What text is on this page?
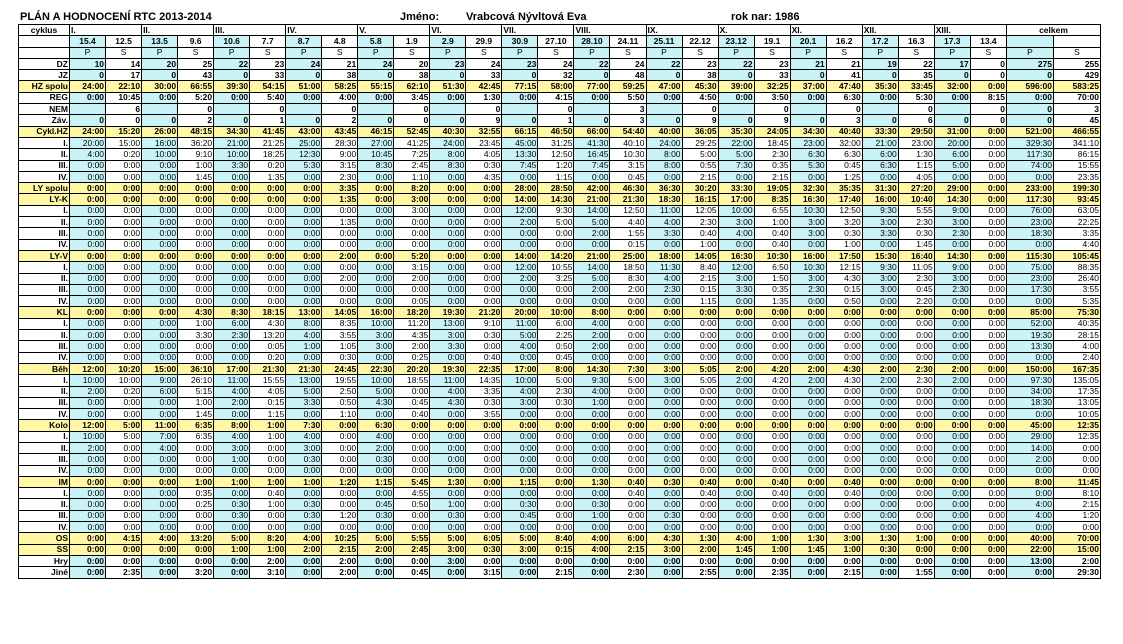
PLÁN A HODNOCENÍ RTC 2013-2014	Jméno: Vrabcová Nývltová Eva	rok nar: 1986
cyklus	I.		II.		III.		IV.		V.		VI.		VII.		VIII.		IX.		X.		XI.		XII.		XIII.		celkem	
	15.4	12.5	13.5	9.6	10.6	7.7	8.7	4.8	5.8	1.9	2.9	29.9	30.9	27.10	28.10	24.11	25.11	22.12	23.12	19.1	20.1	16.2	17.2	16.3	17.3	13.4		
	P	S	P	S	P	S	P	S	P	S	P	S	P	S	P	S	P	S	P	S	P	S	P	S	P	S	P	S
DZ	10	14	20	25	22	23	24	21	24	20	23	24	23	24	22	24	22	23	22	23	21	21	19	22	17	0	275	255
JZ	0	17	0	43	0	33	0	38	0	38	0	33	0	32	0	48	0	38	0	33	0	41	0	35	0	0	0	429
HZ spolu	24:00	22:10	30:00	66:55	39:30	54:15	51:00	58:25	55:15	62:10	51:30	42:45	77:15	58:00	77:00	59:25	47:00	45:30	39:00	32:25	37:00	47:40	35:30	33:45	32:00	0:00	596:00	583:25
REG	0:00	10:45	0:00	5:20	0:00	5:40	0:00	4:00	0:00	3:45	0:00	1:30	0:00	4:15	0:00	5:50	0:00	4:50	0:00	3:50	0:00	6:30	0:00	5:30	0:00	8:15	0:00	70:00
NEM		6		0		0		0		0		0		0		3		0		0		0		0		0	0	3
Záv.	0	0	0	2	0	1	0	2	0	0	0	9	0	1	0	3	0	9	0	9	0	3	0	6	0	0	0	45
Cykl.HZ	24:00	15:20	26:00	48:15	34:30	41:45	43:00	43:45	46:15	52:45	40:30	32:55	66:15	46:50	66:00	54:40	40:00	36:05	35:30	24:05	34:30	40:40	33:30	29:50	31:00	0:00	521:00	466:55
I.	20:00	15:00	16:00	36:20	21:00	21:25	25:00	28:30	27:00	41:25	24:00	23:45	45:00	31:25	41:30	40:10	24:00	29:25	22:00	18:45	23:00	32:00	21:00	23:00	20:00	0:00	329:30	341:10
II.	4:00	0:20	10:00	9:10	10:00	18:25	12:30	9:00	10:45	7:25	8:00	4:05	13:30	12:50	16:45	10:30	8:00	5:00	5:00	2:30	6:30	6:30	6:00	1:30	6:00	0:00	117:30	86:15
III.	0:00	0:00	0:00	1:00	3:30	0:20	5:30	3:15	8:30	2:45	8:30	0:30	7:45	1:20	7:45	3:15	8:00	0:55	7:30	0:35	5:30	0:45	6:30	1:15	5:00	0:00	74:00	15:55
IV.	0:00	0:00	0:00	1:45	0:00	1:35	0:00	2:30	0:00	1:10	0:00	4:35	0:00	1:15	0:00	0:45	0:00	2:15	0:00	2:15	0:00	1:25	0:00	4:05	0:00	0:00	0:00	23:35
LY spolu	0:00	0:00	0:00	0:00	0:00	0:00	0:00	3:35	0:00	8:20	0:00	0:00	28:00	28:50	42:00	46:30	36:30	30:20	33:30	19:05	32:30	35:35	31:30	27:20	29:00	0:00	233:00	199:30
LY-K	0:00	0:00	0:00	0:00	0:00	0:00	0:00	1:35	0:00	3:00	0:00	0:00	14:00	14:30	21:00	21:30	18:30	16:15	17:00	8:35	16:30	17:40	16:00	10:40	14:30	0:00	117:30	93:45
I.	0:00	0:00	0:00	0:00	0:00	0:00	0:00	0:00	0:00	3:00	0:00	0:00	12:00	9:30	14:00	12:50	11:00	12:05	10:00	6:55	10:30	12:50	9:30	5:55	9:00	0:00	76:00	63:05
II.	0:00	0:00	0:00	0:00	0:00	0:00	0:00	1:35	0:00	0:00	0:00	0:00	2:00	5:00	5:00	4:40	4:00	2:30	3:00	1:00	3:00	3:20	3:00	2:30	3:00	0:00	23:00	22:25
III.	0:00	0:00	0:00	0:00	0:00	0:00	0:00	0:00	0:00	0:00	0:00	0:00	0:00	0:00	2:00	1:55	3:30	0:40	4:00	0:40	3:00	0:30	3:30	0:30	2:30	0:00	18:30	3:35
IV.	0:00	0:00	0:00	0:00	0:00	0:00	0:00	0:00	0:00	0:00	0:00	0:00	0:00	0:00	0:00	0:15	0:00	1:00	0:00	0:40	0:00	1:00	0:00	1:45	0:00	0:00	0:00	4:40
LY-V	0:00	0:00	0:00	0:00	0:00	0:00	0:00	2:00	0:00	5:20	0:00	0:00	14:00	14:20	21:00	25:00	18:00	14:05	16:30	10:30	16:00	17:50	15:30	16:40	14:30	0:00	115:30	105:45
I.	0:00	0:00	0:00	0:00	0:00	0:00	0:00	0:00	0:00	3:15	0:00	0:00	12:00	10:55	14:00	18:50	11:30	8:40	12:00	6:50	10:30	12:15	9:30	11:05	9:00	0:00	75:00	88:35
II.	0:00	0:00	0:00	0:00	0:00	0:00	0:00	2:00	0:00	2:00	0:00	0:00	2:00	3:25	5:00	8:30	4:00	2:15	3:00	1:50	3:00	4:30	3:00	2:30	3:00	0:00	23:00	26:40
III.	0:00	0:00	0:00	0:00	0:00	0:00	0:00	0:00	0:00	0:00	0:00	0:00	0:00	0:00	2:00	2:00	2:30	0:15	3:30	0:35	2:30	0:15	3:00	0:45	2:30	0:00	17:30	3:55
IV.	0:00	0:00	0:00	0:00	0:00	0:00	0:00	0:00	0:00	0:05	0:00	0:00	0:00	0:00	0:00	0:00	0:00	1:15	0:00	1:35	0:00	0:50	0:00	2:20	0:00	0:00	0:00	5:35
KL	0:00	0:00	0:00	4:30	8:30	18:15	13:00	14:05	16:00	18:20	19:30	21:20	20:00	10:00	8:00	0:00	0:00	0:00	0:00	0:00	0:00	0:00	0:00	0:00	0:00	0:00	85:00	75:30
I.	0:00	0:00	0:00	1:00	6:00	4:30	8:00	8:35	10:00	11:20	13:00	9:10	11:00	6:00	4:00	0:00	0:00	0:00	0:00	0:00	0:00	0:00	0:00	0:00	0:00	0:00	52:00	40:35
II.	0:00	0:00	0:00	3:30	2:30	13:20	4:00	3:55	3:00	4:35	3:00	0:30	5:00	2:25	2:00	0:00	0:00	0:00	0:00	0:00	0:00	0:00	0:00	0:00	0:00	0:00	19:30	28:15
III.	0:00	0:00	0:00	0:00	0:00	0:05	1:00	1:05	3:00	2:00	3:30	0:00	4:00	0:50	2:00	0:00	0:00	0:00	0:00	0:00	0:00	0:00	0:00	0:00	0:00	0:00	13:30	4:00
IV.	0:00	0:00	0:00	0:00	0:00	0:20	0:00	0:30	0:00	0:25	0:00	0:40	0:00	0:45	0:00	0:00	0:00	0:00	0:00	0:00	0:00	0:00	0:00	0:00	0:00	0:00	0:00	2:40
Běh	12:00	10:20	15:00	36:10	17:00	21:30	21:30	24:45	22:30	20:20	19:30	22:35	17:00	8:00	14:30	7:30	3:00	5:05	2:00	4:20	2:00	4:30	2:00	2:30	2:00	0:00	150:00	167:35
I.	10:00	10:00	9:00	26:10	11:00	15:55	13:00	19:55	10:00	18:55	11:00	14:35	10:00	5:00	9:30	5:00	3:00	5:05	2:00	4:20	2:00	4:30	2:00	2:30	2:00	0:00	97:30	135:05
II.	2:00	0:20	6:00	5:15	4:00	4:05	5:00	2:50	5:00	0:00	4:00	3:35	4:00	2:30	4:00	0:00	0:00	0:00	0:00	0:00	0:00	0:00	0:00	0:00	0:00	0:00	34:00	17:35
III.	0:00	0:00	0:00	1:00	2:00	0:15	3:30	0:50	4:30	0:45	4:30	0:30	3:00	0:30	1:00	0:00	0:00	0:00	0:00	0:00	0:00	0:00	0:00	0:00	0:00	0:00	18:30	13:05
IV.	0:00	0:00	0:00	1:45	0:00	1:15	0:00	1:10	0:00	0:40	0:00	3:55	0:00	0:00	0:00	0:00	0:00	0:00	0:00	0:00	0:00	0:00	0:00	0:00	0:00	0:00	0:00	10:05
Kolo	12:00	5:00	11:00	6:35	8:00	1:00	7:30	0:00	6:30	0:00	0:00	0:00	0:00	0:00	0:00	0:00	0:00	0:00	0:00	0:00	0:00	0:00	0:00	0:00	0:00	0:00	45:00	12:35
I.	10:00	5:00	7:00	6:35	4:00	1:00	4:00	0:00	4:00	0:00	0:00	0:00	0:00	0:00	0:00	0:00	0:00	0:00	0:00	0:00	0:00	0:00	0:00	0:00	0:00	0:00	29:00	12:35
II.	2:00	0:00	4:00	0:00	3:00	0:00	3:00	0:00	2:00	0:00	0:00	0:00	0:00	0:00	0:00	0:00	0:00	0:00	0:00	0:00	0:00	0:00	0:00	0:00	0:00	0:00	14:00	0:00
III.	0:00	0:00	0:00	0:00	1:00	0:00	0:30	0:00	0:30	0:00	0:00	0:00	0:00	0:00	0:00	0:00	0:00	0:00	0:00	0:00	0:00	0:00	0:00	0:00	0:00	0:00	2:00	0:00
IV.	0:00	0:00	0:00	0:00	0:00	0:00	0:00	0:00	0:00	0:00	0:00	0:00	0:00	0:00	0:00	0:00	0:00	0:00	0:00	0:00	0:00	0:00	0:00	0:00	0:00	0:00	0:00	0:00
IM	0:00	0:00	0:00	1:00	1:00	1:00	1:00	1:20	1:15	5:45	1:30	0:00	1:15	0:00	1:30	0:40	0:30	0:40	0:00	0:40	0:00	0:40	0:00	0:00	0:00	0:00	8:00	11:45
I.	0:00	0:00	0:00	0:35	0:00	0:40	0:00	0:00	0:00	4:55	0:00	0:00	0:00	0:00	0:00	0:40	0:00	0:40	0:00	0:40	0:00	0:40	0:00	0:00	0:00	0:00	0:00	8:10
II.	0:00	0:00	0:00	0:25	0:30	1:00	0:30	0:00	0:45	0:50	1:00	0:00	0:30	0:00	0:30	0:00	0:00	0:00	0:00	0:00	0:00	0:00	0:00	0:00	0:00	0:00	4:00	2:15
III.	0:00	0:00	0:00	0:00	0:30	0:00	0:30	1:20	0:30	0:00	0:30	0:00	0:45	0:00	1:00	0:00	0:30	0:00	0:00	0:00	0:00	0:00	0:00	0:00	0:00	0:00	4:00	1:20
IV.	0:00	0:00	0:00	0:00	0:00	0:00	0:00	0:00	0:00	0:00	0:00	0:00	0:00	0:00	0:00	0:00	0:00	0:00	0:00	0:00	0:00	0:00	0:00	0:00	0:00	0:00	0:00	0:00
OS	0:00	4:15	4:00	13:20	5:00	8:20	4:00	10:25	5:00	5:55	5:00	6:05	5:00	8:40	4:00	6:00	4:30	1:30	4:00	1:00	1:30	3:00	1:30	1:00	0:00	0:00	40:00	70:00
SS	0:00	0:00	0:00	0:00	1:00	1:00	2:00	2:15	2:00	2:45	3:00	0:30	3:00	0:15	4:00	2:15	3:00	2:00	1:45	1:00	1:45	1:00	0:30	0:00	0:00	0:00	22:00	15:00
Hry	0:00	0:00	0:00	0:00	0:00	2:00	0:00	2:00	0:00	0:00	3:00	0:00	0:00	0:00	0:00	0:00	0:00	0:00	0:00	0:00	0:00	0:00	0:00	0:00	0:00	0:00	13:00	2:00
Jiné	0:00	2:35	0:00	3:20	0:00	3:10	0:00	2:00	0:00	0:45	0:00	3:15	0:00	2:15	0:00	2:30	0:00	2:55	0:00	2:35	0:00	2:15	0:00	1:55	0:00	0:00	0:00	29:30
